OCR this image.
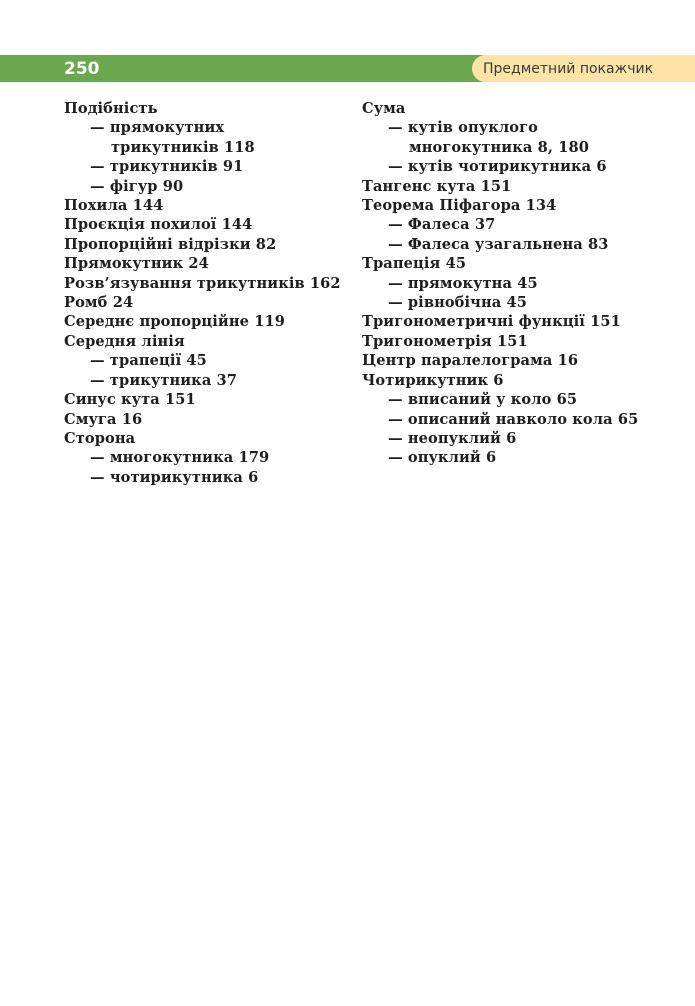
250	Предметний покажчик
Подібність
— прямокутних
трикутників 118
— трикутників 91
— фігур 90
Похила 144
Проєкція похилої 144
Пропорційні відрізки 82
Прямокутник 24
Розв’язування трикутників 162
Ромб 24
Середнє пропорційне 119
Середня лінія
— трапеції 45
— трикутника 37
Синус кута 151
Смуга 16
Сторона
— многокутника 179
— чотирикутника 6
Сума
— кутів опуклого
многокутника 8, 180
— кутів чотирикутника 6
Тангенс кута 151
Теорема Піфагора 134
— Фалеса 37
— Фалеса узагальнена 83
Трапеція 45
— прямокутна 45
— рівнобічна 45
Тригонометричні функції 151
Тригонометрія 151
Центр паралелограма 16
Чотирикутник 6
— вписаний у коло 65
— описаний навколо кола 65
— неопуклий 6
— опуклий 6
